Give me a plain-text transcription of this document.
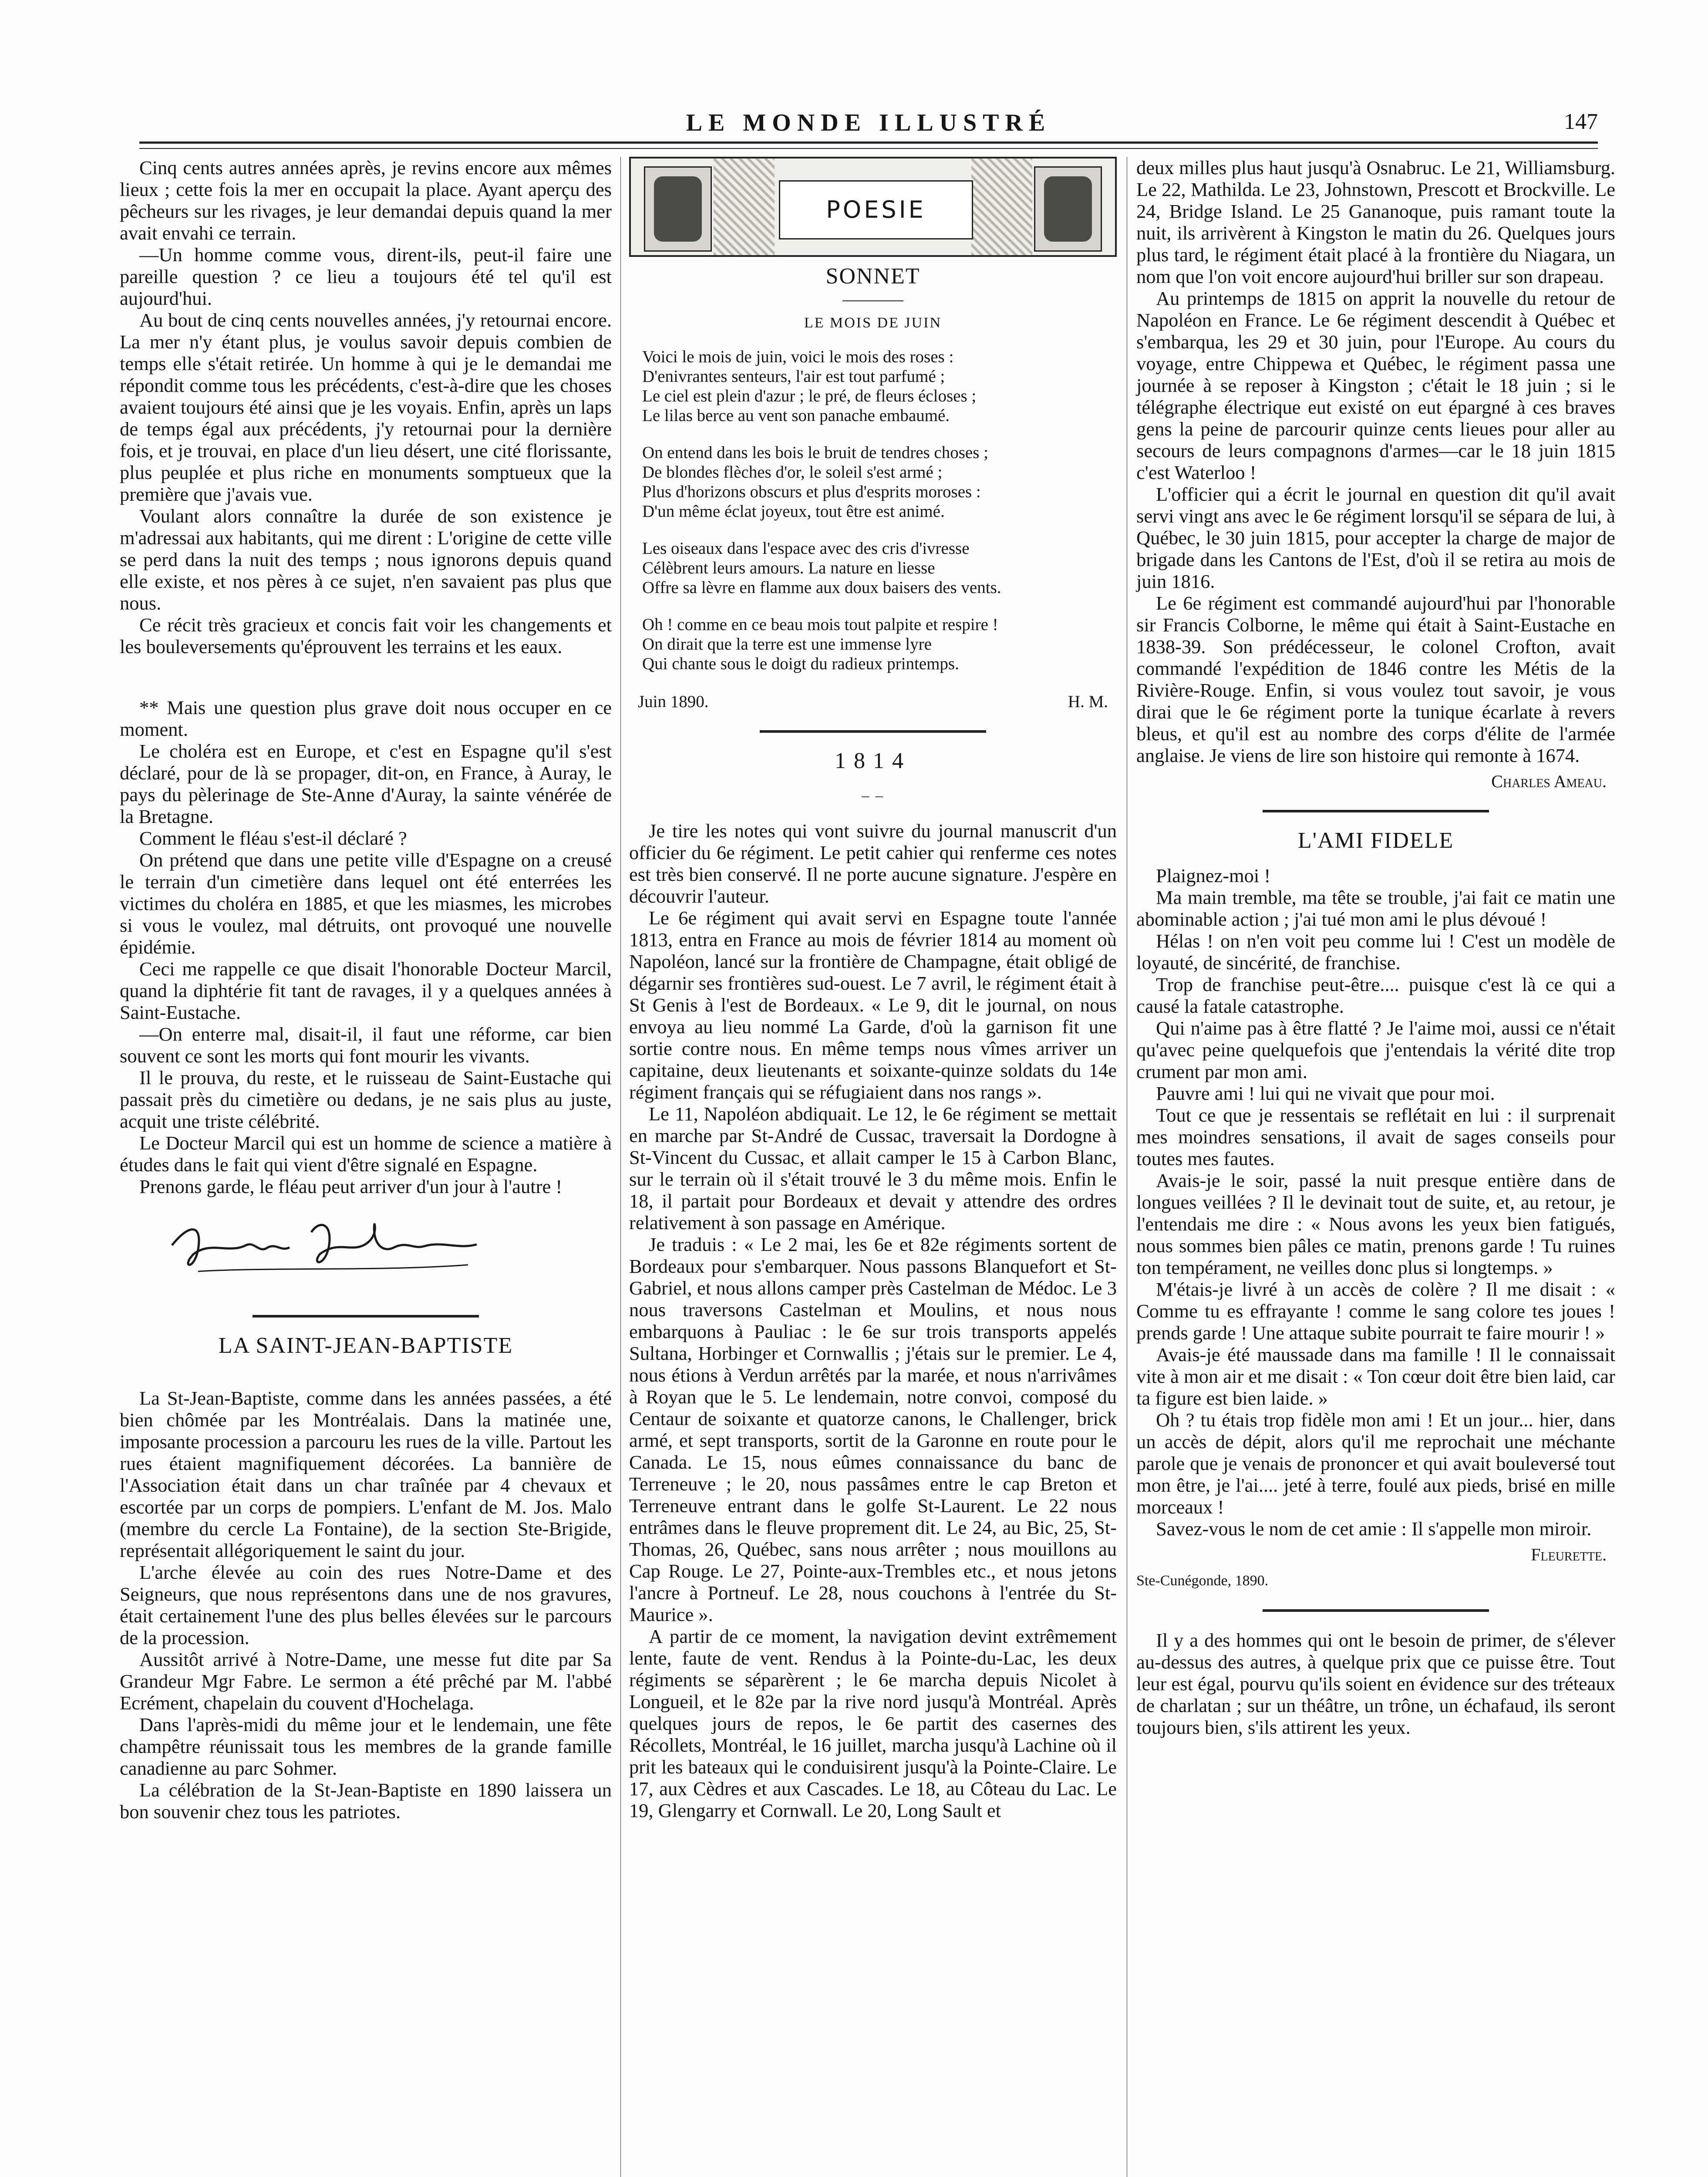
LE MONDE ILLUSTRÉ	147

Cinq cents autres années après, je revins encore aux mêmes lieux ; cette fois la mer en occupait la place. Ayant aperçu des pêcheurs sur les rivages, je leur demandai depuis quand la mer avait envahi ce terrain.

—Un homme comme vous, dirent-ils, peut-il faire une pareille question ? ce lieu a toujours été tel qu'il est aujourd'hui.

Au bout de cinq cents nouvelles années, j'y retournai encore. La mer n'y étant plus, je voulus savoir depuis combien de temps elle s'était retirée. Un homme à qui je le demandai me répondit comme tous les précédents, c'est-à-dire que les choses avaient toujours été ainsi que je les voyais. Enfin, après un laps de temps égal aux précédents, j'y retournai pour la dernière fois, et je trouvai, en place d'un lieu désert, une cité florissante, plus peuplée et plus riche en monuments somptueux que la première que j'avais vue.

Voulant alors connaître la durée de son existence je m'adressai aux habitants, qui me dirent : L'origine de cette ville se perd dans la nuit des temps ; nous ignorons depuis quand elle existe, et nos pères à ce sujet, n'en savaient pas plus que nous.

Ce récit très gracieux et concis fait voir les changements et les bouleversements qu'éprouvent les terrains et les eaux.

** Mais une question plus grave doit nous occuper en ce moment.

Le choléra est en Europe, et c'est en Espagne qu'il s'est déclaré, pour de là se propager, dit-on, en France, à Auray, le pays du pèlerinage de Ste-Anne d'Auray, la sainte vénérée de la Bretagne.

Comment le fléau s'est-il déclaré ?

On prétend que dans une petite ville d'Espagne on a creusé le terrain d'un cimetière dans lequel ont été enterrées les victimes du choléra en 1885, et que les miasmes, les microbes si vous le voulez, mal détruits, ont provoqué une nouvelle épidémie.

Ceci me rappelle ce que disait l'honorable Docteur Marcil, quand la diphtérie fit tant de ravages, il y a quelques années à Saint-Eustache.

—On enterre mal, disait-il, il faut une réforme, car bien souvent ce sont les morts qui font mourir les vivants.

Il le prouva, du reste, et le ruisseau de Saint-Eustache qui passait près du cimetière ou dedans, je ne sais plus au juste, acquit une triste célébrité.

Le Docteur Marcil qui est un homme de science a matière à études dans le fait qui vient d'être signalé en Espagne.

Prenons garde, le fléau peut arriver d'un jour à l'autre !

LA SAINT-JEAN-BAPTISTE

La St-Jean-Baptiste, comme dans les années passées, a été bien chômée par les Montréalais. Dans la matinée une, imposante procession a parcouru les rues de la ville. Partout les rues étaient magnifiquement décorées. La bannière de l'Association était dans un char traînée par 4 chevaux et escortée par un corps de pompiers. L'enfant de M. Jos. Malo (membre du cercle La Fontaine), de la section Ste-Brigide, représentait allégoriquement le saint du jour.

L'arche élevée au coin des rues Notre-Dame et des Seigneurs, que nous représentons dans une de nos gravures, était certainement l'une des plus belles élevées sur le parcours de la procession.

Aussitôt arrivé à Notre-Dame, une messe fut dite par Sa Grandeur Mgr Fabre. Le sermon a été prêché par M. l'abbé Ecrément, chapelain du couvent d'Hochelaga.

Dans l'après-midi du même jour et le lendemain, une fête champêtre réunissait tous les membres de la grande famille canadienne au parc Sohmer.

La célébration de la St-Jean-Baptiste en 1890 laissera un bon souvenir chez tous les patriotes.

POESIE
SONNET
LE MOIS DE JUIN
Voici le mois de juin, voici le mois des roses :
D'enivrantes senteurs, l'air est tout parfumé ;
Le ciel est plein d'azur ; le pré, de fleurs écloses ;
Le lilas berce au vent son panache embaumé.
On entend dans les bois le bruit de tendres choses ;
De blondes flèches d'or, le soleil s'est armé ;
Plus d'horizons obscurs et plus d'esprits moroses :
D'un même éclat joyeux, tout être est animé.
Les oiseaux dans l'espace avec des cris d'ivresse
Célèbrent leurs amours. La nature en liesse
Offre sa lèvre en flamme aux doux baisers des vents.
Oh ! comme en ce beau mois tout palpite et respire !
On dirait que la terre est une immense lyre
Qui chante sous le doigt du radieux printemps.
Juin 1890.	H. M.
1814
– –

Je tire les notes qui vont suivre du journal manuscrit d'un officier du 6e régiment. Le petit cahier qui renferme ces notes est très bien conservé. Il ne porte aucune signature. J'espère en découvrir l'auteur.

Le 6e régiment qui avait servi en Espagne toute l'année 1813, entra en France au mois de février 1814 au moment où Napoléon, lancé sur la frontière de Champagne, était obligé de dégarnir ses frontières sud-ouest. Le 7 avril, le régiment était à St Genis à l'est de Bordeaux. « Le 9, dit le journal, on nous envoya au lieu nommé La Garde, d'où la garnison fit une sortie contre nous. En même temps nous vîmes arriver un capitaine, deux lieutenants et soixante-quinze soldats du 14e régiment français qui se réfugiaient dans nos rangs ».

Le 11, Napoléon abdiquait. Le 12, le 6e régiment se mettait en marche par St-André de Cussac, traversait la Dordogne à St-Vincent du Cussac, et allait camper le 15 à Carbon Blanc, sur le terrain où il s'était trouvé le 3 du même mois. Enfin le 18, il partait pour Bordeaux et devait y attendre des ordres relativement à son passage en Amérique.

Je traduis : « Le 2 mai, les 6e et 82e régiments sortent de Bordeaux pour s'embarquer. Nous passons Blanquefort et St-Gabriel, et nous allons camper près Castelman de Médoc. Le 3 nous traversons Castelman et Moulins, et nous nous embarquons à Pauliac : le 6e sur trois transports appelés Sultana, Horbinger et Cornwallis ; j'étais sur le premier. Le 4, nous étions à Verdun arrêtés par la marée, et nous n'arrivâmes à Royan que le 5. Le lendemain, notre convoi, composé du Centaur de soixante et quatorze canons, le Challenger, brick armé, et sept transports, sortit de la Garonne en route pour le Canada. Le 15, nous eûmes connaissance du banc de Terreneuve ; le 20, nous passâmes entre le cap Breton et Terreneuve entrant dans le golfe St-Laurent. Le 22 nous entrâmes dans le fleuve proprement dit. Le 24, au Bic, 25, St-Thomas, 26, Québec, sans nous arrêter ; nous mouillons au Cap Rouge. Le 27, Pointe-aux-Trembles etc., et nous jetons l'ancre à Portneuf. Le 28, nous couchons à l'entrée du St-Maurice ».

A partir de ce moment, la navigation devint extrêmement lente, faute de vent. Rendus à la Pointe-du-Lac, les deux régiments se séparèrent ; le 6e marcha depuis Nicolet à Longueil, et le 82e par la rive nord jusqu'à Montréal. Après quelques jours de repos, le 6e partit des casernes des Récollets, Montréal, le 16 juillet, marcha jusqu'à Lachine où il prit les bateaux qui le conduisirent jusqu'à la Pointe-Claire. Le 17, aux Cèdres et aux Cascades. Le 18, au Côteau du Lac. Le 19, Glengarry et Cornwall. Le 20, Long Sault et

deux milles plus haut jusqu'à Osnabruc. Le 21, Williamsburg. Le 22, Mathilda. Le 23, Johnstown, Prescott et Brockville. Le 24, Bridge Island. Le 25 Gananoque, puis ramant toute la nuit, ils arrivèrent à Kingston le matin du 26. Quelques jours plus tard, le régiment était placé à la frontière du Niagara, un nom que l'on voit encore aujourd'hui briller sur son drapeau.

Au printemps de 1815 on apprit la nouvelle du retour de Napoléon en France. Le 6e régiment descendit à Québec et s'embarqua, les 29 et 30 juin, pour l'Europe. Au cours du voyage, entre Chippewa et Québec, le régiment passa une journée à se reposer à Kingston ; c'était le 18 juin ; si le télégraphe électrique eut existé on eut épargné à ces braves gens la peine de parcourir quinze cents lieues pour aller au secours de leurs compagnons d'armes—car le 18 juin 1815 c'est Waterloo !

L'officier qui a écrit le journal en question dit qu'il avait servi vingt ans avec le 6e régiment lorsqu'il se sépara de lui, à Québec, le 30 juin 1815, pour accepter la charge de major de brigade dans les Cantons de l'Est, d'où il se retira au mois de juin 1816.

Le 6e régiment est commandé aujourd'hui par l'honorable sir Francis Colborne, le même qui était à Saint-Eustache en 1838-39. Son prédécesseur, le colonel Crofton, avait commandé l'expédition de 1846 contre les Métis de la Rivière-Rouge. Enfin, si vous voulez tout savoir, je vous dirai que le 6e régiment porte la tunique écarlate à revers bleus, et qu'il est au nombre des corps d'élite de l'armée anglaise. Je viens de lire son histoire qui remonte à 1674.

Charles Ameau.
L'AMI FIDELE

Plaignez-moi !

Ma main tremble, ma tête se trouble, j'ai fait ce matin une abominable action ; j'ai tué mon ami le plus dévoué !

Hélas ! on n'en voit peu comme lui ! C'est un modèle de loyauté, de sincérité, de franchise.

Trop de franchise peut-être.... puisque c'est là ce qui a causé la fatale catastrophe.

Qui n'aime pas à être flatté ? Je l'aime moi, aussi ce n'était qu'avec peine quelquefois que j'entendais la vérité dite trop crument par mon ami.

Pauvre ami ! lui qui ne vivait que pour moi.

Tout ce que je ressentais se reflétait en lui : il surprenait mes moindres sensations, il avait de sages conseils pour toutes mes fautes.

Avais-je le soir, passé la nuit presque entière dans de longues veillées ? Il le devinait tout de suite, et, au retour, je l'entendais me dire : « Nous avons les yeux bien fatigués, nous sommes bien pâles ce matin, prenons garde ! Tu ruines ton tempérament, ne veilles donc plus si longtemps. »

M'étais-je livré à un accès de colère ? Il me disait : « Comme tu es effrayante ! comme le sang colore tes joues ! prends garde ! Une attaque subite pourrait te faire mourir ! »

Avais-je été maussade dans ma famille ! Il le connaissait vite à mon air et me disait : « Ton cœur doit être bien laid, car ta figure est bien laide. »

Oh ? tu étais trop fidèle mon ami ! Et un jour... hier, dans un accès de dépit, alors qu'il me reprochait une méchante parole que je venais de prononcer et qui avait bouleversé tout mon être, je l'ai.... jeté à terre, foulé aux pieds, brisé en mille morceaux !

Savez-vous le nom de cet amie : Il s'appelle mon miroir.

Fleurette.
Ste-Cunégonde, 1890.

Il y a des hommes qui ont le besoin de primer, de s'élever au-dessus des autres, à quelque prix que ce puisse être. Tout leur est égal, pourvu qu'ils soient en évidence sur des tréteaux de charlatan ; sur un théâtre, un trône, un échafaud, ils seront toujours bien, s'ils attirent les yeux.
